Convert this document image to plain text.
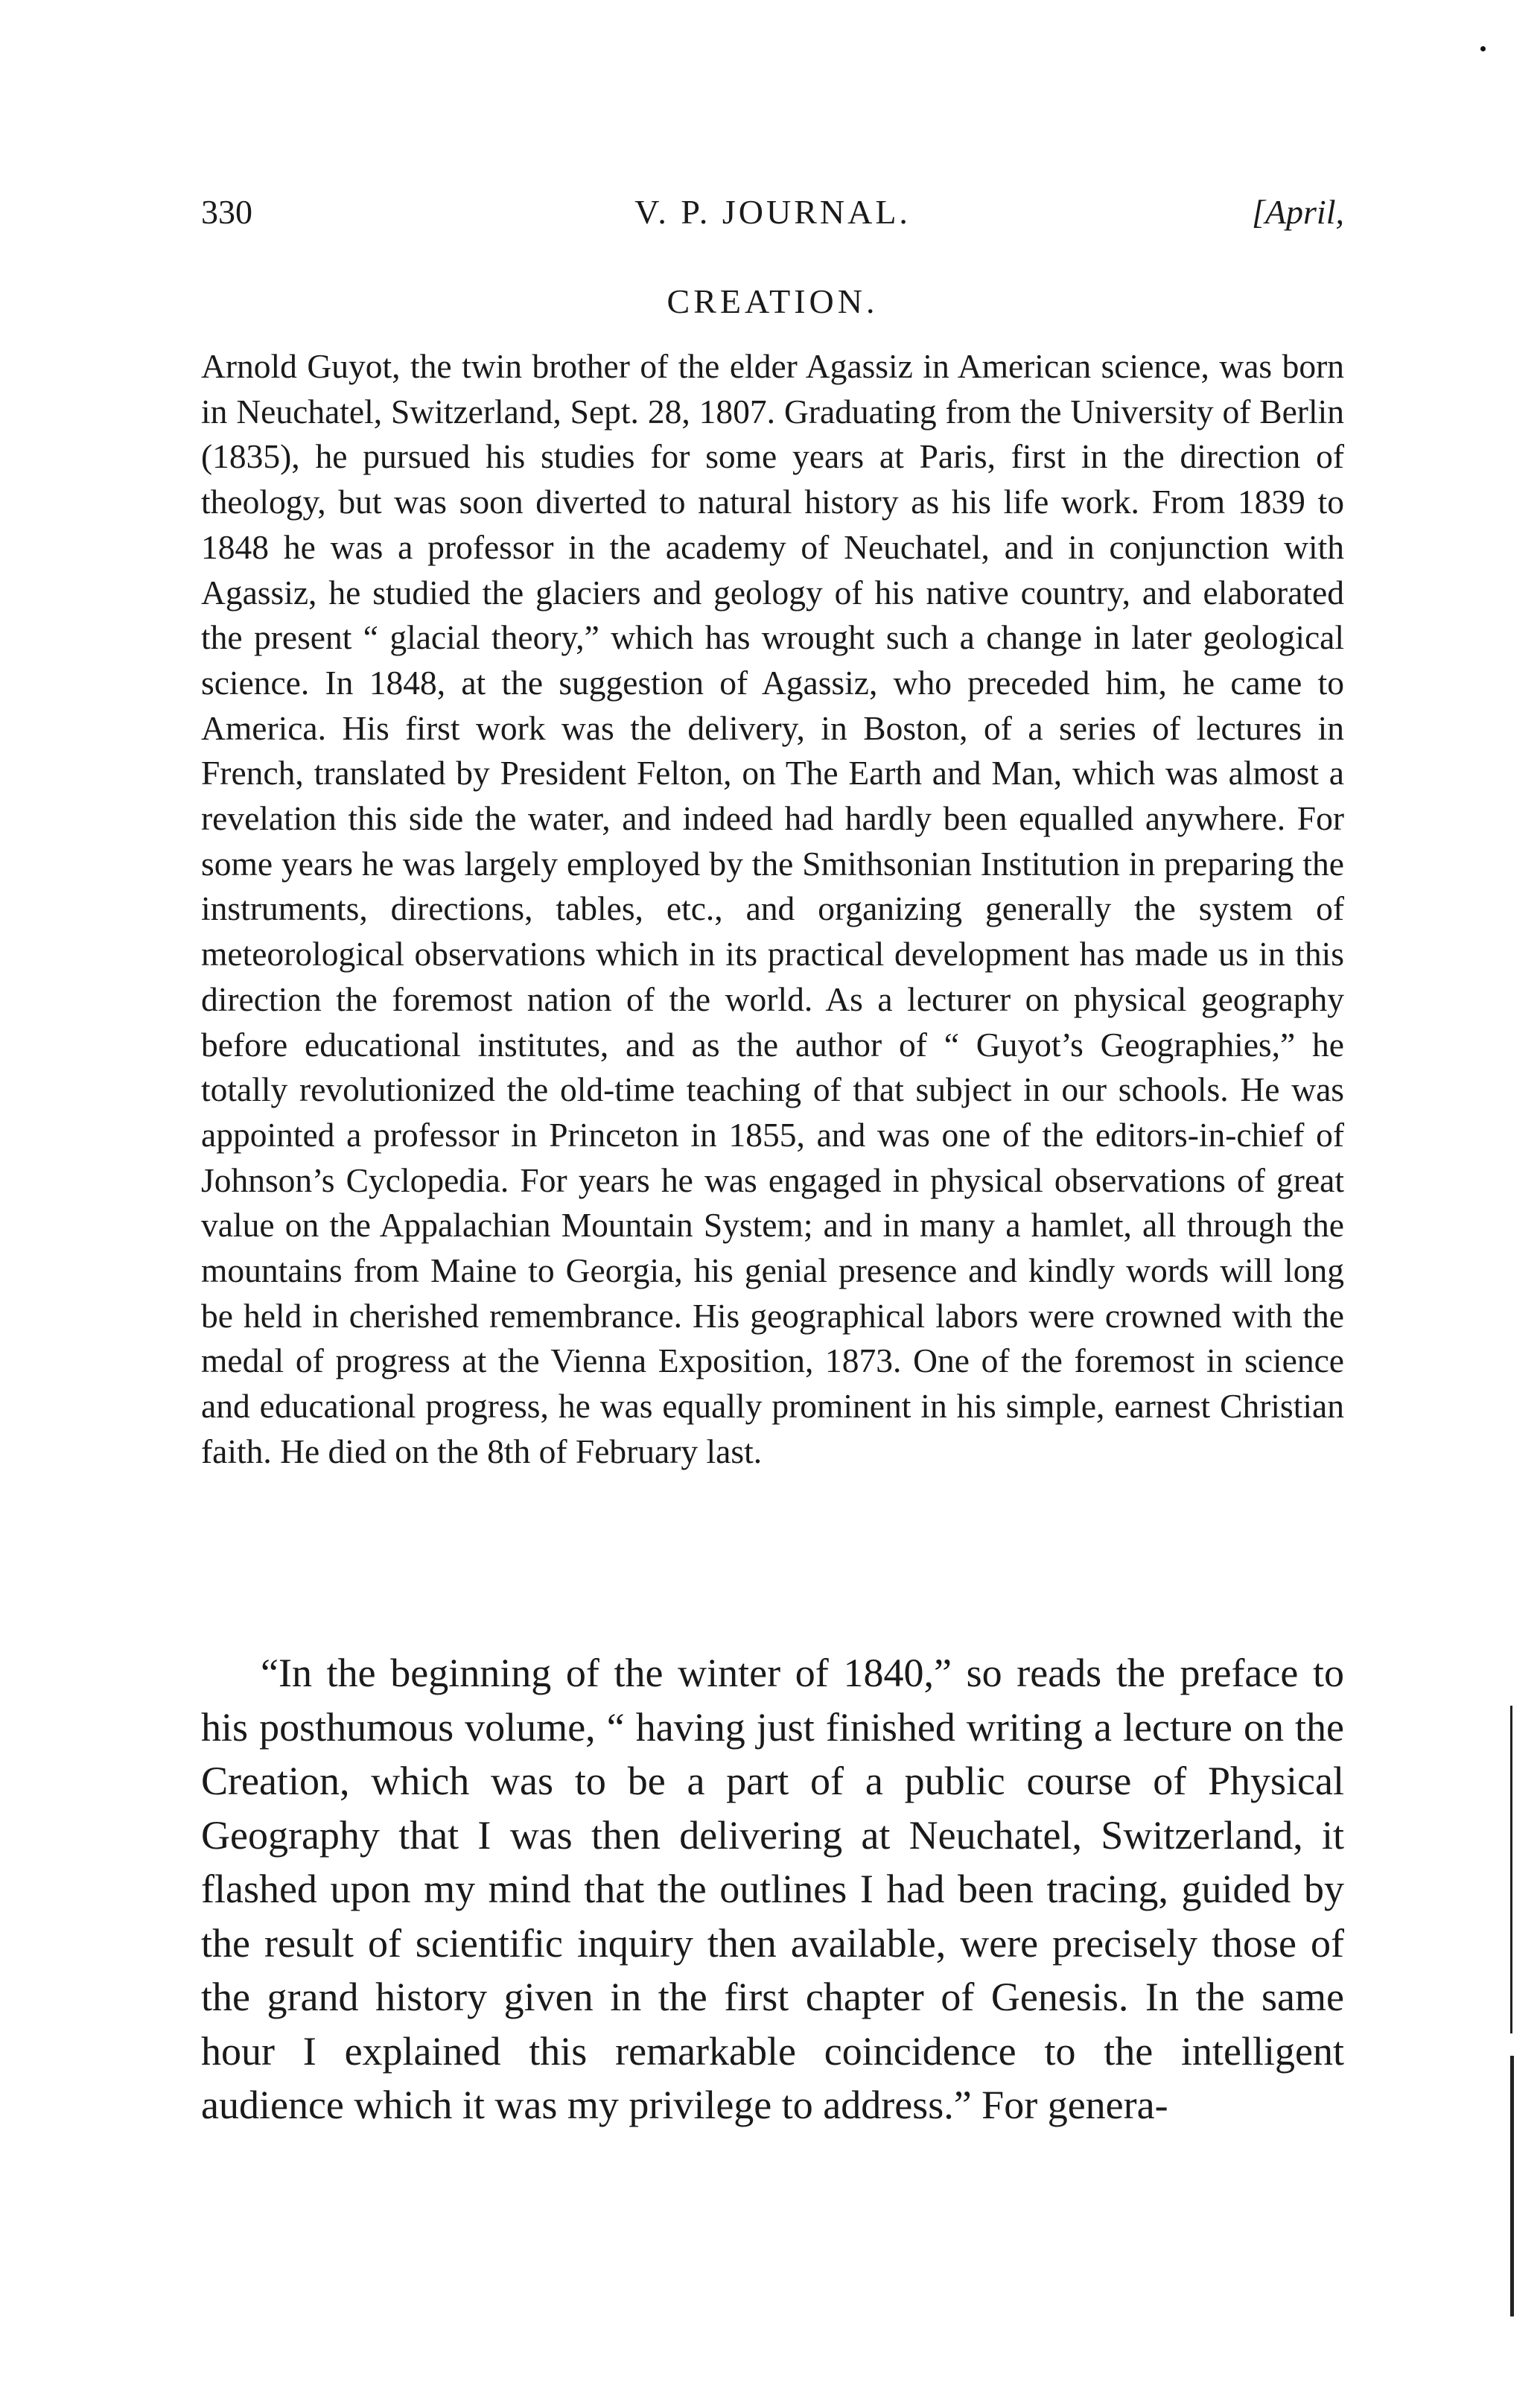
330	V. P. JOURNAL.	[April,
CREATION.

Arnold Guyot, the twin brother of the elder Agassiz in American science, was born in Neuchatel, Switzerland, Sept. 28, 1807. Graduating from the University of Berlin (1835), he pursued his studies for some years at Paris, first in the direction of theology, but was soon diverted to natural history as his life work. From 1839 to 1848 he was a professor in the academy of Neuchatel, and in conjunction with Agassiz, he studied the glaciers and geology of his native country, and elaborated the present “ glacial theory,” which has wrought such a change in later geological science. In 1848, at the suggestion of Agassiz, who preceded him, he came to America. His first work was the delivery, in Boston, of a series of lectures in French, translated by President Felton, on The Earth and Man, which was almost a revelation this side the water, and indeed had hardly been equalled anywhere. For some years he was largely employed by the Smithsonian Institution in preparing the instruments, directions, tables, etc., and organizing generally the system of meteorological observations which in its practical development has made us in this direction the foremost nation of the world. As a lecturer on physical geography before educational institutes, and as the author of “ Guyot’s Geographies,” he totally revolutionized the old-time teaching of that subject in our schools. He was appointed a professor in Princeton in 1855, and was one of the editors-in-chief of Johnson’s Cyclopedia. For years he was engaged in physical observations of great value on the Appalachian Mountain System; and in many a hamlet, all through the mountains from Maine to Georgia, his genial presence and kindly words will long be held in cherished remembrance. His geographical labors were crowned with the medal of progress at the Vienna Exposition, 1873. One of the foremost in science and educational progress, he was equally prominent in his simple, earnest Christian faith. He died on the 8th of February last.

“In the beginning of the winter of 1840,” so reads the preface to his posthumous volume, “ having just finished writing a lecture on the Creation, which was to be a part of a public course of Physical Geography that I was then delivering at Neuchatel, Switzerland, it flashed upon my mind that the outlines I had been tracing, guided by the result of scientific inquiry then available, were precisely those of the grand history given in the first chapter of Genesis. In the same hour I explained this remarkable coincidence to the intelligent audience which it was my privilege to address.” For genera-
